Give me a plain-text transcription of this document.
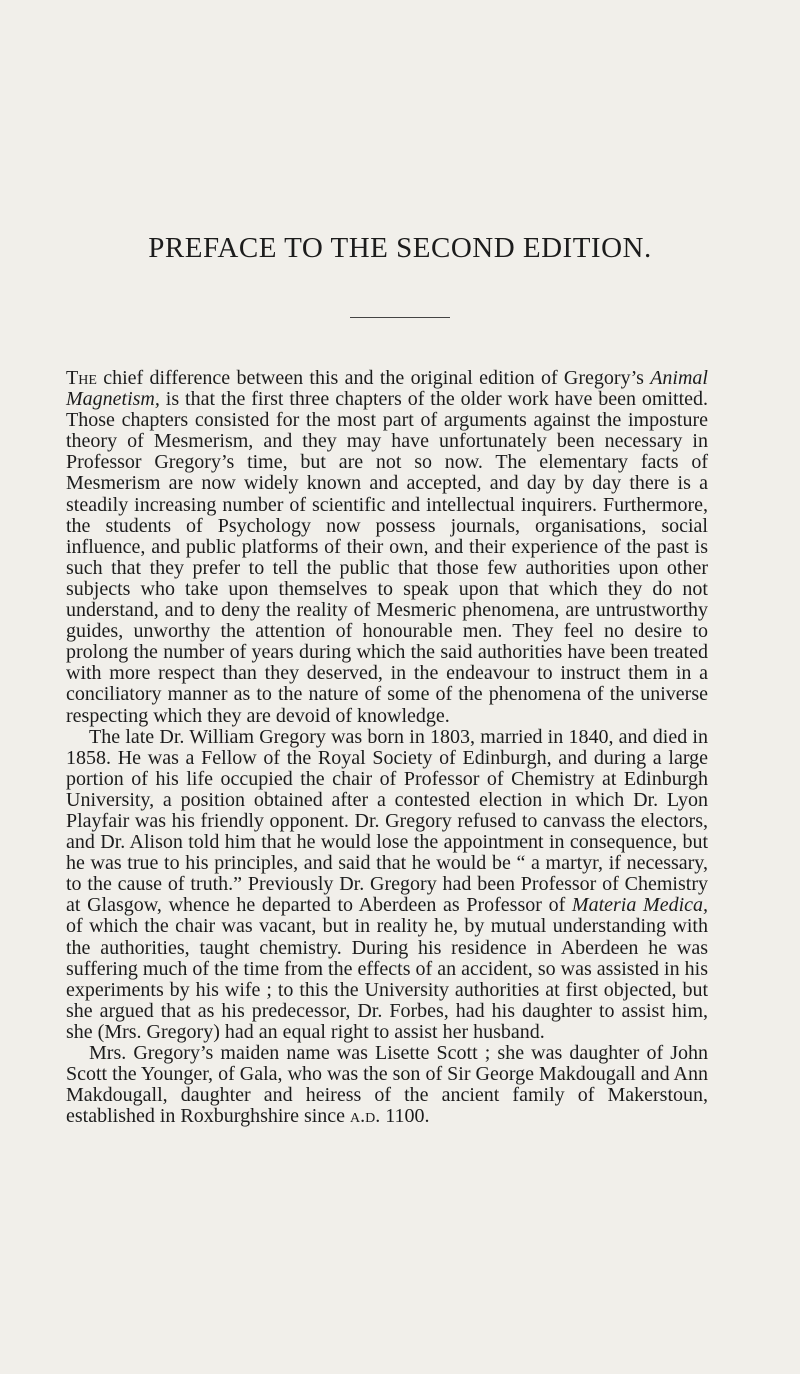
PREFACE TO THE SECOND EDITION.

The chief difference between this and the original edition of Gregory’s Animal Magnetism, is that the first three chapters of the older work have been omitted. Those chapters consisted for the most part of arguments against the imposture theory of Mesmerism, and they may have unfortunately been necessary in Professor Gregory’s time, but are not so now. The elementary facts of Mesmerism are now widely known and accepted, and day by day there is a steadily increasing number of scientific and intellectual inquirers. Furthermore, the students of Psychology now possess journals, organisations, social influence, and public platforms of their own, and their experience of the past is such that they prefer to tell the public that those few authorities upon other subjects who take upon themselves to speak upon that which they do not understand, and to deny the reality of Mesmeric phenomena, are untrustworthy guides, unworthy the attention of honourable men. They feel no desire to prolong the number of years during which the said authorities have been treated with more respect than they deserved, in the endeavour to instruct them in a conciliatory manner as to the nature of some of the phenomena of the universe respecting which they are devoid of knowledge.

The late Dr. William Gregory was born in 1803, married in 1840, and died in 1858. He was a Fellow of the Royal Society of Edinburgh, and during a large portion of his life occupied the chair of Professor of Chemistry at Edinburgh University, a position obtained after a contested election in which Dr. Lyon Playfair was his friendly opponent. Dr. Gregory refused to canvass the electors, and Dr. Alison told him that he would lose the appointment in consequence, but he was true to his principles, and said that he would be “ a martyr, if necessary, to the cause of truth.” Previously Dr. Gregory had been Professor of Chemistry at Glasgow, whence he departed to Aberdeen as Professor of Materia Medica, of which the chair was vacant, but in reality he, by mutual understanding with the authorities, taught chemistry. During his residence in Aberdeen he was suffering much of the time from the effects of an accident, so was assisted in his experiments by his wife ; to this the University authorities at first objected, but she argued that as his predecessor, Dr. Forbes, had his daughter to assist him, she (Mrs. Gregory) had an equal right to assist her husband.

Mrs. Gregory’s maiden name was Lisette Scott ; she was daughter of John Scott the Younger, of Gala, who was the son of Sir George Makdougall and Ann Makdougall, daughter and heiress of the ancient family of Makerstoun, established in Roxburghshire since a.d. 1100.
